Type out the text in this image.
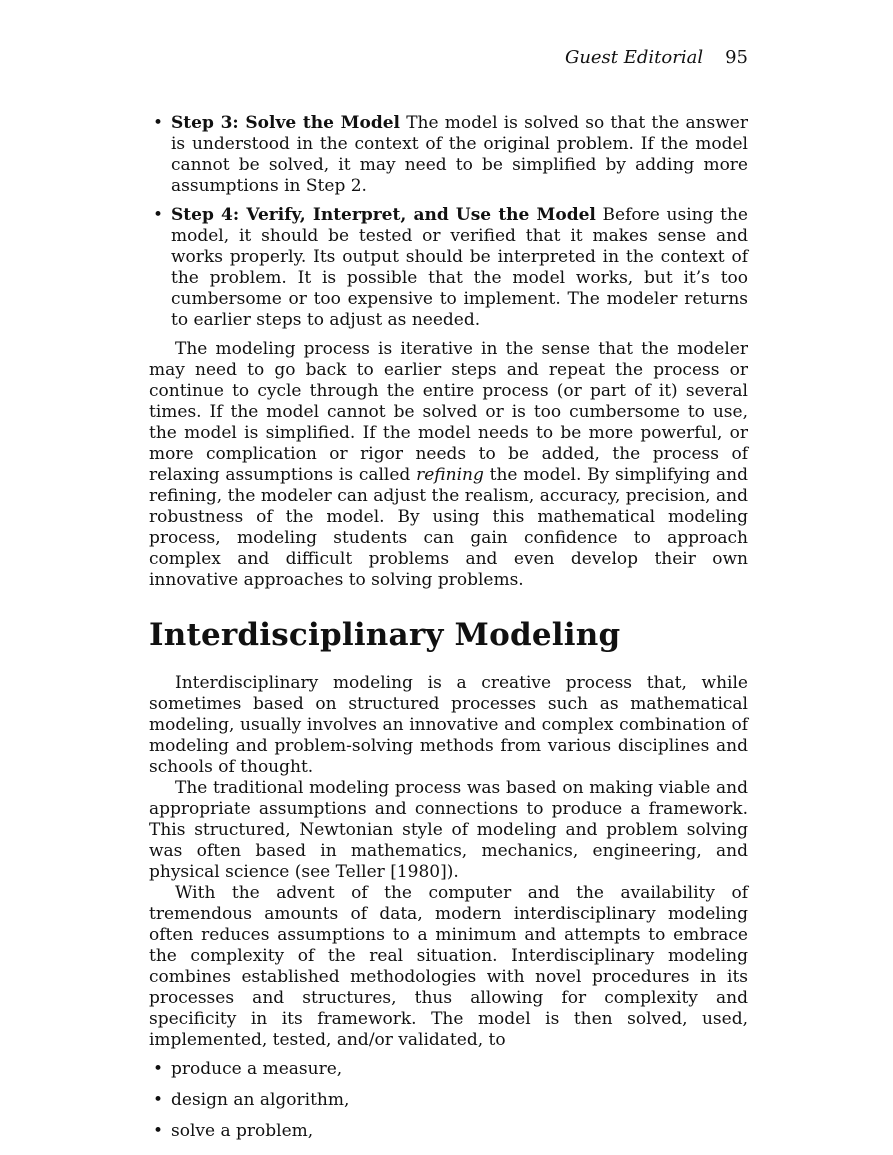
Guest Editorial 95
• Step 3: Solve the Model The model is solved so that the answer is understood in the context of the original problem. If the model cannot be solved, it may need to be simplified by adding more assumptions in Step 2.
• Step 4: Verify, Interpret, and Use the Model Before using the model, it should be tested or verified that it makes sense and works properly. Its output should be interpreted in the context of the problem. It is possible that the model works, but it’s too cumbersome or too expensive to implement. The modeler returns to earlier steps to adjust as needed.

The modeling process is iterative in the sense that the modeler may need to go back to earlier steps and repeat the process or continue to cycle through the entire process (or part of it) several times. If the model cannot be solved or is too cumbersome to use, the model is simplified. If the model needs to be more powerful, or more complication or rigor needs to be added, the process of relaxing assumptions is called refining the model. By simplifying and refining, the modeler can adjust the realism, accuracy, precision, and robustness of the model. By using this mathematical modeling process, modeling students can gain confidence to approach complex and difficult problems and even develop their own innovative approaches to solving problems.

Interdisciplinary Modeling

Interdisciplinary modeling is a creative process that, while sometimes based on structured processes such as mathematical modeling, usually involves an innovative and complex combination of modeling and problem-solving methods from various disciplines and schools of thought.

The traditional modeling process was based on making viable and appropriate assumptions and connections to produce a framework. This structured, Newtonian style of modeling and problem solving was often based in mathematics, mechanics, engineering, and physical science (see Teller [1980]).

With the advent of the computer and the availability of tremendous amounts of data, modern interdisciplinary modeling often reduces assumptions to a minimum and attempts to embrace the complexity of the real situation. Interdisciplinary modeling combines established methodologies with novel procedures in its processes and structures, thus allowing for complexity and specificity in its framework. The model is then solved, used, implemented, tested, and/or validated, to

• produce a measure,
• design an algorithm,
• solve a problem,
